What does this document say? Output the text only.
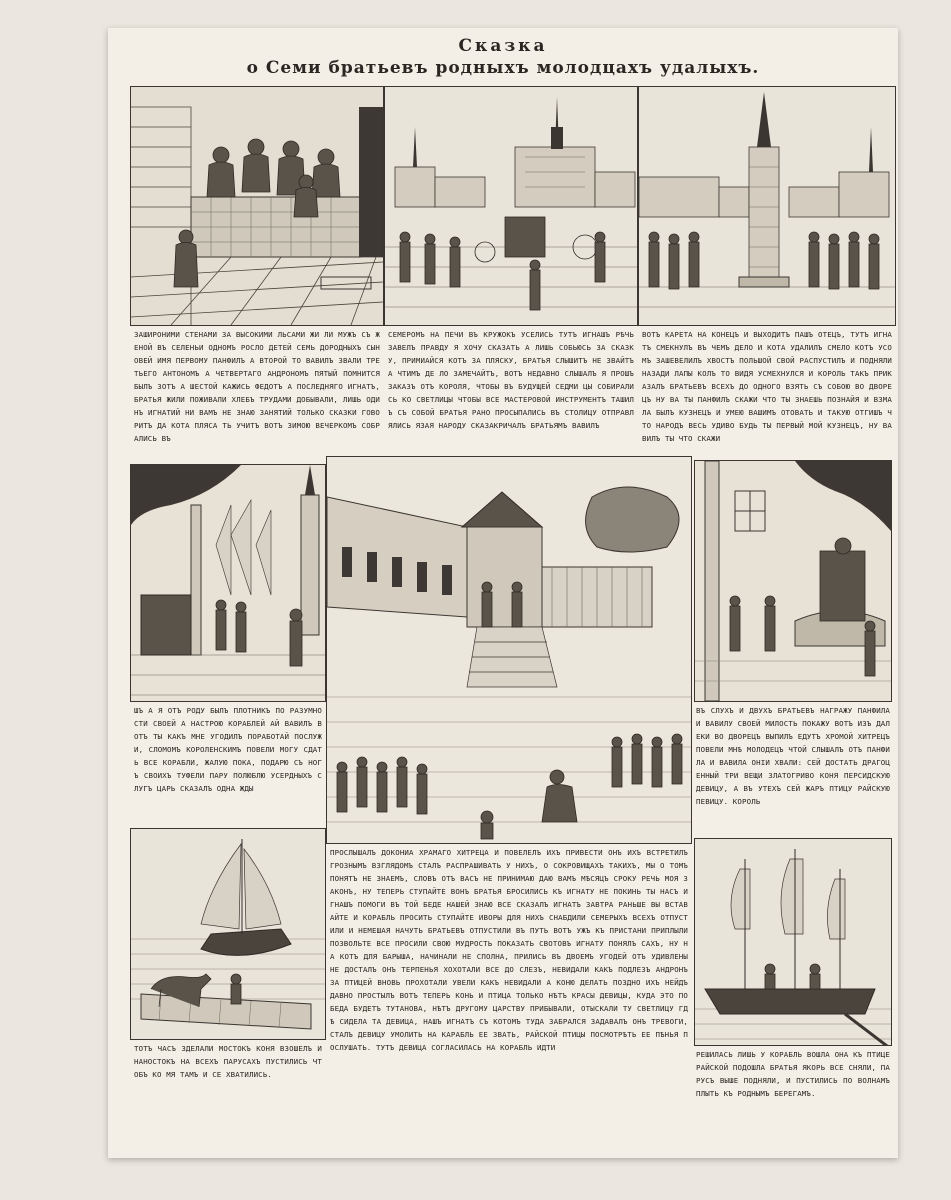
Сказка
о Семи братьевъ родныхъ молодцахъ удалыхъ.
ЗАШИРОНИМИ СТЕНАМИ ЗА ВЫСОКИМИ ЛЬСАМИ ЖИ ЛИ МУЖЪ СЪ ЖЕНОЙ ВЪ СЕЛЕНЬИ ОДНОМЪ РОСЛО ДЕТЕЙ СЕМЬ ДОРОДНЫХЪ СЫНОВЕЙ ИМЯ ПЕРВОМУ ПАНФИЛЪ А ВТОРОЙ ТО ВАВИЛЪ ЗВАЛИ ТРЕТЬЕГО АНТОНОМЪ А ЧЕТВЕРТАГО АНДРОНОМЪ ПЯТЫЙ ПОМНИТСЯ БЫЛЪ ЗОТЪ А ШЕСТОЙ КАЖИСЬ ФЕДОТЪ А ПОСЛЕДНЯГО ИГНАТЪ, БРАТЬЯ ЖИЛИ ПОЖИВАЛИ ХЛЕБЪ ТРУДАМИ ДОБЫВАЛИ, ЛИШЬ ОДИНЪ ИГНАТИЙ НИ ВАМЪ НЕ ЗНАЮ ЗАНЯТИЙ ТОЛЬКО СКАЗКИ ГОВОРИТЪ ДА КОТА ПЛЯСА ТЬ УЧИТЪ ВОТЪ ЗИМОЮ ВЕЧЕРКОМЪ СОБРАЛИСЬ ВЪ
СЕМЕРОМЪ НА ПЕЧИ ВЪ КРУЖОКЪ УСЕЛИСЬ ТУТЪ ИГНАШЪ РѢЧЬ ЗАВЕЛЪ ПРАВДУ Я ХОЧУ СКАЗАТЬ А ЛИШЬ СОБЬЮСЬ ЗА СКАЗКУ, ПРИМИАЙСЯ КОТЪ ЗА ПЛЯСКУ, БРАТЬЯ СЛЫШИТЪ НЕ ЗВАЙТЪ А ЧТИМЪ ДЕ ЛО ЗАМЕЧАЙТЪ, ВОТЪ НЕДАВНО СЛЫШАЛЪ Я ПРОШЪ ЗАКАЗЪ ОТЪ КОРОЛЯ, ЧТОБЫ ВЪ БУДУЩЕЙ СЕДМИ ЦЫ СОБИРАЛИСЬ КО СВЕТЛИЦЫ ЧТОБЫ ВСЕ МАСТЕРОВОЙ ИНСТРУМЕНТЪ ТАШИЛЪ СЪ СОБОЙ БРАТЬЯ РАНО ПРОСЫПАЛИСЬ ВЪ СТОЛИЦУ ОТПРАВЛЯЛИСЬ ЯЗАЯ НАРОДУ СКАЗАКРИЧАЛЪ БРАТЬЯМЪ ВАВИЛЪ
ВОТЪ КАРЕТА НА КОНЕЦЪ И ВЫХОДИТЪ ПАШЪ ОТЕЦЪ, ТУТЪ ИГНАТЪ СМЕКНУЛЪ ВЪ ЧЕМЪ ДЕЛО И КОТА УДАЛИЛЪ СМЕЛО КОТЪ УСОМЪ ЗАШЕВЕЛИЛЪ ХВОСТЪ ПОЛЬШОЙ СВОЙ РАСПУСТИЛЪ И ПОДНЯЛИ НАЗАДИ ЛАПЫ КОЛЪ ТО ВИДЯ УСМЕХНУЛСЯ И КОРОЛЬ ТАКЪ ПРИКАЗАЛЪ БРАТЬЕВЪ ВСЕХЪ ДО ОДНОГО ВЗЯТЬ СЪ СОБОЮ ВО ДВОРЕЦЪ НУ ВА ТЫ ПАНФИЛЪ СКАЖИ ЧТО ТЫ ЗНАЕШЬ ПОЗНАЙЯ И ВЗМАЛА БЫЛЪ КУЗНЕЦЪ И УМЕЮ ВАШИМЪ ОТОВАТЬ И ТАКУЮ ОТГИШЪ ЧТО НАРОДЪ ВЕСЬ УДИВО БУДЬ ТЫ ПЕРВЫЙ МОЙ КУЗНЕЦЪ, НУ ВАВИЛЪ ТЫ ЧТО СКАЖИ
ШЪ А Я ОТЪ РОДУ БЫЛЪ ПЛОТНИКЪ ПО РАЗУМНОСТИ СВОЕЙ А НАСТРОЮ КОРАБЛЕЙ АЙ ВАВИЛЪ ВОТЪ ТЫ КАКЪ МНЕ УГОДИЛЪ ПОРАБОТАЙ ПОСЛУЖИ, СЛОМОМЪ КОРОЛЕНСКИМЪ ПОВЕЛИ МОГУ СДАТЬ ВСЕ КОРАБЛИ, ЖАЛУЮ ПОКА, ПОДАРЮ СЪ НОГЪ СВОИХЪ ТУФЕЛИ ПАРУ ПОЛЮБЛЮ УСЕРДНЫХЪ СЛУГЪ ЦАРЬ СКАЗАЛЪ ОДНА ЖДЫ
ВЪ СЛУХЪ И ДВУХЪ БРАТЬЕВЪ НАГРАЖУ ПАНФИЛА И ВАВИЛУ СВОЕЙ МИЛОСТЬ ПОКАЖУ ВОТЪ ИЗЪ ДАЛЕКИ ВО ДВОРЕЦЪ ВЫПИЛЪ ЕДУТЪ ХРОМОЙ ХИТРЕЦЪ ПОВЕЛИ МНѢ МОЛОДЕЦЪ ЧТОЙ СЛЫШАЛЪ ОТЪ ПАНФИЛА И ВАВИЛА ОНІИ ХВАЛИ: СЕЙ ДОСТАТЬ ДРАГОЦЕННЫЙ ТРИ ВЕЩИ ЗЛАТОГРИВО КОНЯ ПЕРСИДСКУЮ ДЕВИЦУ, А ВЪ УТЕХЪ СЕЙ ЖАРЪ ПТИЦУ РАЙСКУЮ ПЕВИЦУ. КОРОЛЬ
ТОТЪ ЧАСЪ ЗДЕЛАЛИ МОСТОКЪ КОНЯ ВЗОШЕЛЪ И НАНОСТОКЪ НА ВСЕХЪ ПАРУСАХЪ ПУСТИЛИСЬ ЧТОБЪ КО МЯ ТАМЪ И СЕ ХВАТИЛИСЬ.
ПРОСЛЫШАЛЪ ДОКОНИА ХРАМАГО ХИТРЕЦА И ПОВЕЛЕЛЪ ИХЪ ПРИВЕСТИ ОНЪ ИХЪ ВСТРЕТИЛЪ ГРОЗНЫМЪ ВЗГЛЯДОМЪ СТАЛЪ РАСПРАШИВАТЬ У НИХЪ, О СОКРОВИЩАХЪ ТАКИХЪ, МЫ О ТОМЪ ПОНЯТЪ НЕ ЗНАЕМЪ, СЛОВЪ ОТЪ ВАСЪ НЕ ПРИНИМАЮ ДАЮ ВАМЪ МѢСЯЦЪ СРОКУ РЕЧЬ МОЯ ЗАКОНЪ, НУ ТЕПЕРЬ СТУПАЙТЕ ВОНЪ БРАТЬЯ БРОСИЛИСЬ КЪ ИГНАТУ НЕ ПОКИНЬ ТЫ НАСЪ ИГНАШЪ ПОМОГИ ВЪ ТОЙ БЕДЕ НАШЕЙ ЗНАЮ ВСЕ СКАЗАЛЪ ИГНАТЪ ЗАВТРА РАНЬШЕ ВЫ ВСТАВАЙТЕ И КОРАБЛЬ ПРОСИТЬ СТУПАЙТЕ ИВОРЫ ДЛЯ НИХЪ СНАБДИЛИ СЕМЕРЫХЪ ВСЕХЪ ОТПУСТИЛИ И НЕМЕШАЯ НАЧУТЬ БРАТЬЕВЪ ОТПУСТИЛИ ВЪ ПУТЬ ВОТЪ УЖЪ КЪ ПРИСТАНИ ПРИПЛЫЛИ ПОЗВОЛЬТЕ ВСЕ ПРОСИЛИ СВОЮ МУДРОСТЬ ПОКАЗАТЬ СВОТОВЪ ИГНАТУ ПОНЯЛЪ САХЪ, НУ НА КОТЪ ДЛЯ БАРЫША, НАЧИНАЛИ НЕ СПОЛНА, ПРИЛИСЬ ВЪ ДВОЕМЪ УГОДЕЙ ОТЪ УДИВЛЕНЫ НЕ ДОСТАЛЪ ОНЪ ТЕРПЕНЬЯ ХОХОТАЛИ ВСЕ ДО СЛЕЗЪ, НЕВИДАЛИ КАКЪ ПОДЛЕЗЪ АНДРОНЪ ЗА ПТИЦЕЙ ВНОВЬ ПРОХОТАЛИ УВЕЛИ КАКЪ НЕВИДАЛИ А КОНЮ ДЕЛАТЬ ПОЗДНО ИХЪ НЕЙДЪ ДАВНО ПРОСТЫЛЪ ВОТЪ ТЕПЕРЬ КОНЬ И ПТИЦА ТОЛЬКО НѢТЪ КРАСЫ ДЕВИЦЫ, КУДА ЭТО ПОБЕДА БУДЕТЪ ТУТАНОВА, НѢТЪ ДРУГОМУ ЦАРСТВУ ПРИБЫВАЛИ, ОТЫСКАЛИ ТУ СВЕТЛИЦУ ГДѢ СИДЕЛА ТА ДЕВИЦА, НАШЪ ИГНАТЪ СЪ КОТОМЪ ТУДА ЗАБРАЛСЯ ЗАДАВАЛЪ ОНЪ ТРЕВОГИ, СТАЛЪ ДЕВИЦУ УМОЛИТЬ НА КАРАБЛЬ ЕЕ ЗВАТЬ, РАЙСКОЙ ПТИЦЫ ПОСМОТРѢТЬ ЕЕ ПѢНЬЯ ПОСЛУШАТЬ. ТУТЪ ДЕВИЦА СОГЛАСИЛАСЬ НА КОРАБЛЬ ИДТИ
РЕШИЛАСЬ ЛИШЬ У КОРАБЛЬ ВОШЛА ОНА КЪ ПТИЦЕ РАЙСКОЙ ПОДОШЛА БРАТЬЯ ЯКОРЬ ВСЕ СНЯЛИ, ПАРУСЪ ВЫШЕ ПОДНЯЛИ, И ПУСТИЛИСЬ ПО ВОЛНАМЪ ПЛЫТЬ КЪ РОДНЫМЪ БЕРЕГАМЪ.
